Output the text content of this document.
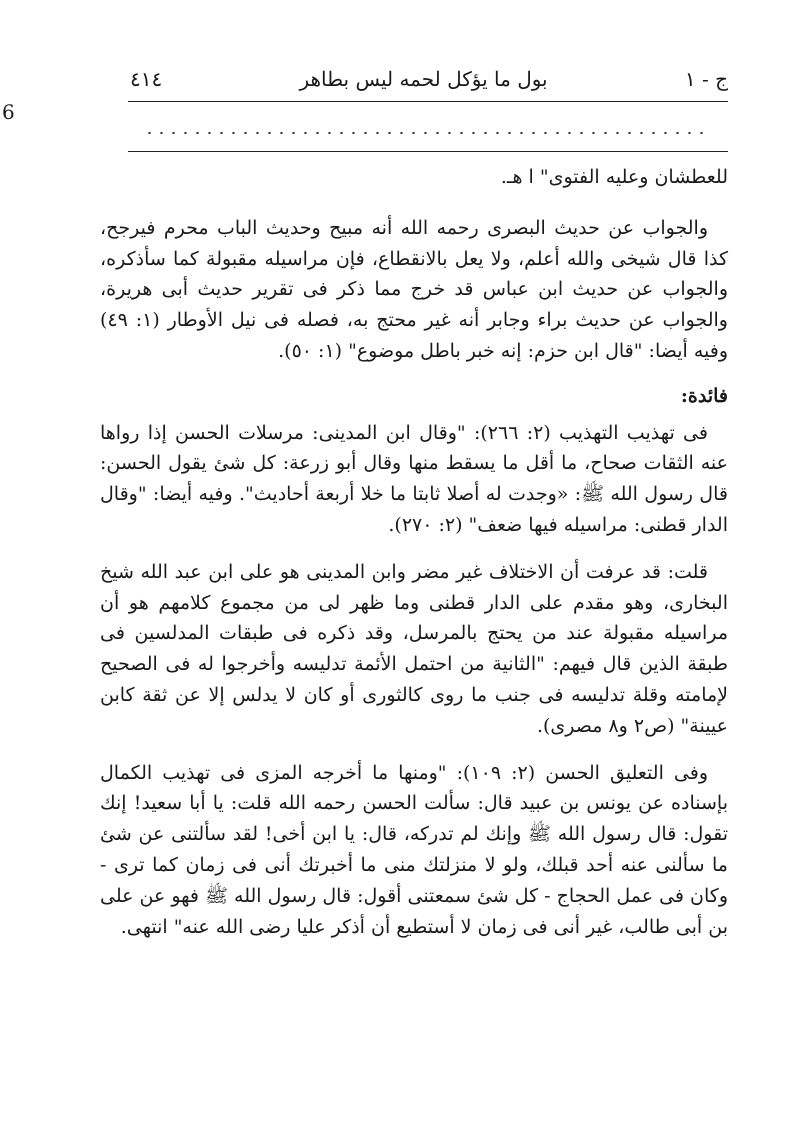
6
ج - ١
بول ما يؤكل لحمه ليس بطاهر
٤١٤

للعطشان وعليه الفتوى" ا هـ.

والجواب عن حديث البصرى رحمه الله أنه مبيح وحديث الباب محرم فيرجح، كذا قال شيخى والله أعلم، ولا يعل بالانقطاع، فإن مراسيله مقبولة كما سأذكره، والجواب عن حديث ابن عباس قد خرج مما ذكر فى تقرير حديث أبى هريرة، والجواب عن حديث براء وجابر أنه غير محتج به، فصله فى نيل الأوطار (١: ٤٩) وفيه أيضا: "قال ابن حزم: إنه خبر باطل موضوع" (١: ٥٠).

فائدة:

فى تهذيب التهذيب (٢: ٢٦٦): "وقال ابن المدينى: مرسلات الحسن إذا رواها عنه الثقات صحاح، ما أقل ما يسقط منها وقال أبو زرعة: كل شئ يقول الحسن: قال رسول الله ﷺ: «وجدت له أصلا ثابتا ما خلا أربعة أحاديث". وفيه أيضا: "وقال الدار قطنى: مراسيله فيها ضعف" (٢: ٢٧٠).

قلت: قد عرفت أن الاختلاف غير مضر وابن المدينى هو على ابن عبد الله شيخ البخارى، وهو مقدم على الدار قطنى وما ظهر لى من مجموع كلامهم هو أن مراسيله مقبولة عند من يحتج بالمرسل، وقد ذكره فى طبقات المدلسين فى طبقة الذين قال فيهم: "الثانية من احتمل الأئمة تدليسه وأخرجوا له فى الصحيح لإمامته وقلة تدليسه فى جنب ما روى كالثورى أو كان لا يدلس إلا عن ثقة كابن عيينة" (ص٢ و٨ مصرى).

وفى التعليق الحسن (٢: ١٠٩): "ومنها ما أخرجه المزى فى تهذيب الكمال بإسناده عن يونس بن عبيد قال: سألت الحسن رحمه الله قلت: يا أبا سعيد! إنك تقول: قال رسول الله ﷺ وإنك لم تدركه، قال: يا ابن أخى! لقد سألتنى عن شئ ما سألنى عنه أحد قبلك، ولو لا منزلتك منى ما أخبرتك أنى فى زمان كما ترى - وكان فى عمل الحجاج - كل شئ سمعتنى أقول: قال رسول الله ﷺ فهو عن على بن أبى طالب، غير أنى فى زمان لا أستطيع أن أذكر عليا رضى الله عنه" انتهى.
